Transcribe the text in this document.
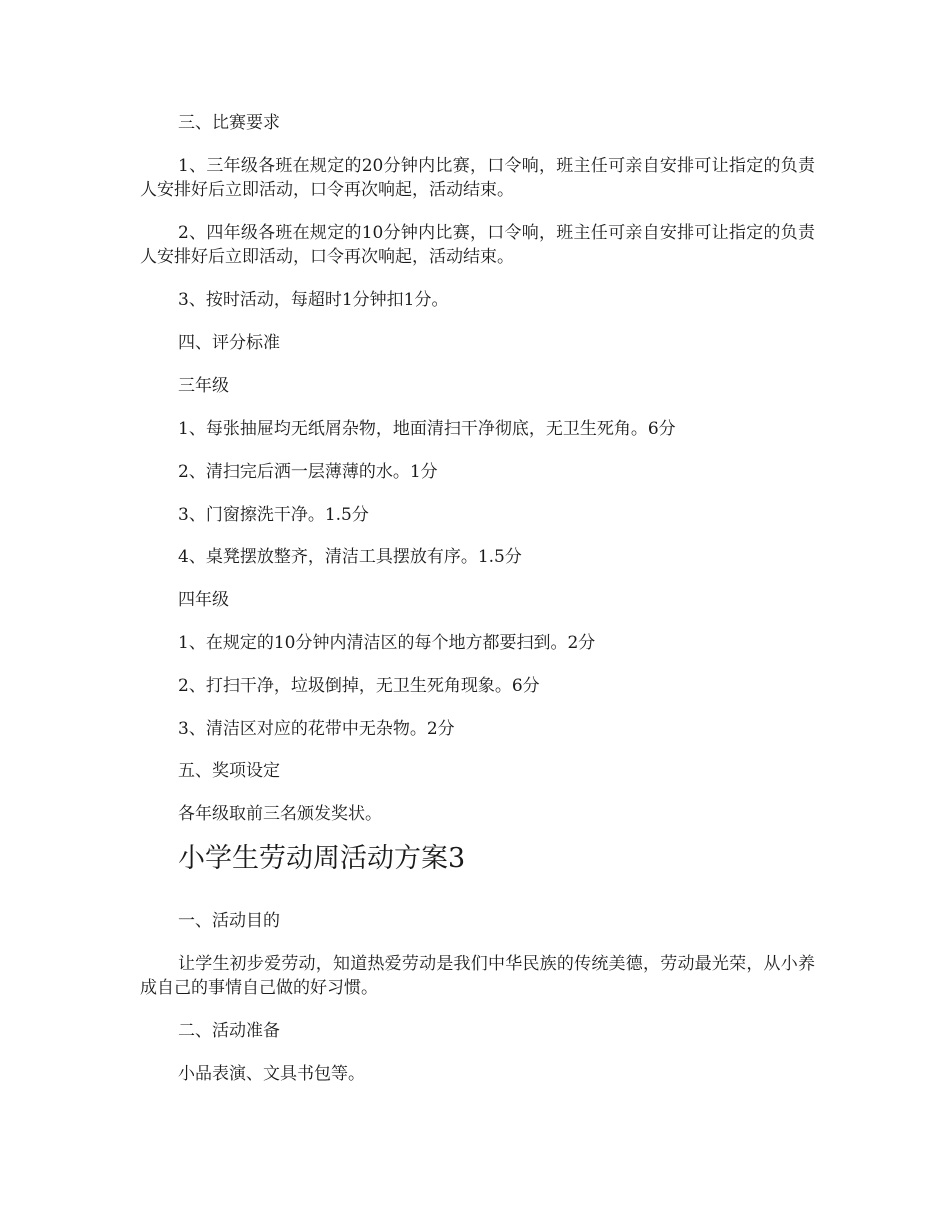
三、比赛要求

1、三年级各班在规定的20分钟内比赛，口令响，班主任可亲自安排可让指定的负责人安排好后立即活动，口令再次响起，活动结束。

2、四年级各班在规定的10分钟内比赛，口令响，班主任可亲自安排可让指定的负责人安排好后立即活动，口令再次响起，活动结束。

3、按时活动，每超时1分钟扣1分。

四、评分标准

三年级

1、每张抽屉均无纸屑杂物，地面清扫干净彻底，无卫生死角。6分

2、清扫完后洒一层薄薄的水。1分

3、门窗擦洗干净。1.5分

4、桌凳摆放整齐，清洁工具摆放有序。1.5分

四年级

1、在规定的10分钟内清洁区的每个地方都要扫到。2分

2、打扫干净，垃圾倒掉，无卫生死角现象。6分

3、清洁区对应的花带中无杂物。2分

五、奖项设定

各年级取前三名颁发奖状。

小学生劳动周活动方案3

一、活动目的

让学生初步爱劳动，知道热爱劳动是我们中华民族的传统美德，劳动最光荣，从小养成自己的事情自己做的好习惯。

二、活动准备

小品表演、文具书包等。
